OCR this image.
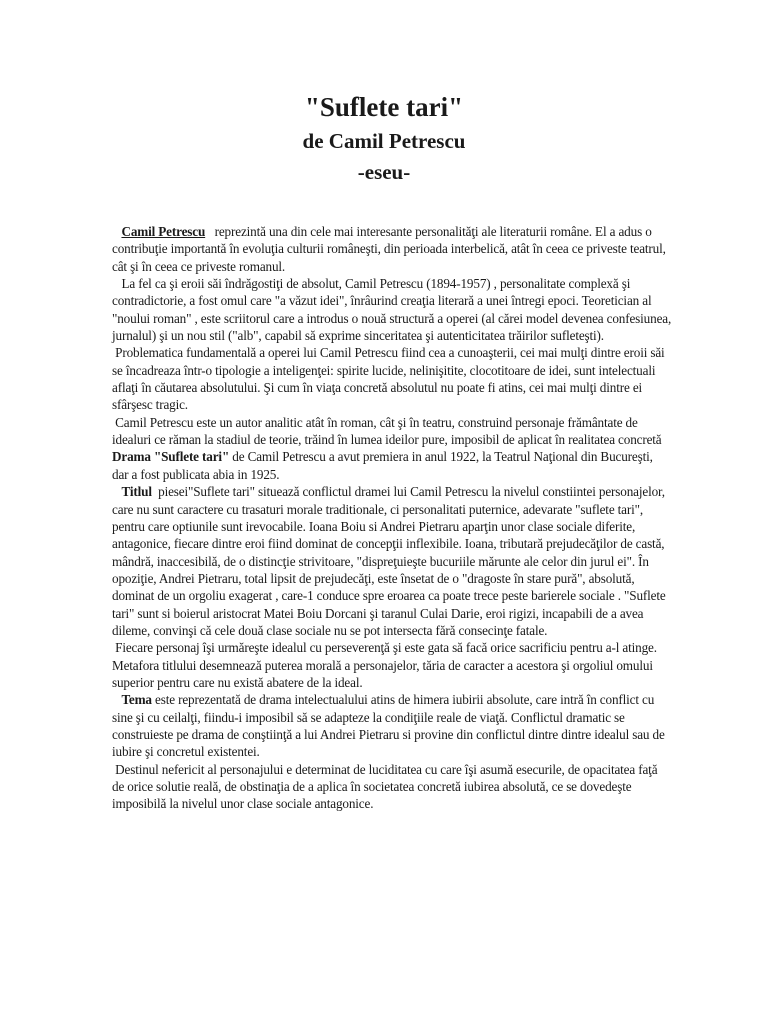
"Suflete tari"
de Camil Petrescu
-eseu-

Camil Petrescu   reprezintă una din cele mai interesante personalităţi ale literaturii române. El a adus o contribuţie importantă în evoluţia culturii româneşti, din perioada interbelică, atât în ceea ce priveste teatrul, cât şi în ceea ce priveste romanul.

La fel ca şi eroii săi îndrăgostiţi de absolut, Camil Petrescu (1894-1957) , personalitate complexă şi contradictorie, a fost omul care "a văzut idei", înrâurind creaţia literară a unei întregi epoci. Teoretician al "noului roman" , este scriitorul care a introdus o nouă structură a operei (al cărei model devenea confesiunea, jurnalul) şi un nou stil ("alb", capabil să exprime sinceritatea şi autenticitatea trăirilor sufleteşti).

Problematica fundamentală a operei lui Camil Petrescu fiind cea a cunoaşterii, cei mai mulţi dintre eroii săi se încadreaza într-o tipologie a inteligenţei: spirite lucide, nelinişitite, clocotitoare de idei, sunt intelectuali aflaţi în căutarea absolutului. Şi cum în viaţa concretă absolutul nu poate fi atins, cei mai mulţi dintre ei sfârşesc tragic.

Camil Petrescu este un autor analitic atât în roman, cât şi în teatru, construind personaje frământate de idealuri ce răman la stadiul de teorie, trăind în lumea ideilor pure, imposibil de aplicat în realitatea concretă

Drama "Suflete tari" de Camil Petrescu a avut premiera in anul 1922, la Teatrul Naţional din Bucureşti, dar a fost publicata abia in 1925.

Titlul  piesei"Suflete tari" situează conflictul dramei lui Camil Petrescu la nivelul constiintei personajelor, care nu sunt caractere cu trasaturi morale traditionale, ci personalitati puternice, adevarate "suflete tari", pentru care optiunile sunt irevocabile. Ioana Boiu si Andrei Pietraru aparţin unor clase sociale diferite, antagonice, fiecare dintre eroi fiind dominat de concepţii inflexibile. Ioana, tributară prejudecăţilor de castă, mândră, inaccesibilă, de o distincţie strivitoare, "dispreţuieşte bucuriile mărunte ale celor din jurul ei". În opoziţie, Andrei Pietraru, total lipsit de prejudecăţi, este însetat de o "dragoste în stare pură", absolută, dominat de un orgoliu exagerat , care-1 conduce spre eroarea ca poate trece peste barierele sociale . "Suflete tari" sunt si boierul aristocrat Matei Boiu Dorcani şi taranul Culai Darie, eroi rigizi, incapabili de a avea dileme, convinşi că cele două clase sociale nu se pot intersecta fără consecinţe fatale.

Fiecare personaj îşi urmăreşte idealul cu perseverenţă şi este gata să facă orice sacrificiu pentru a-l atinge. Metafora titlului desemnează puterea morală a personajelor, tăria de caracter a acestora şi orgoliul omului superior pentru care nu există abatere de la ideal.

Tema este reprezentată de drama intelectualului atins de himera iubirii absolute, care intră în conflict cu sine şi cu ceilalţi, fiindu-i imposibil să se adapteze la condiţiile reale de viaţă. Conflictul dramatic se construieste pe drama de conştiinţă a lui Andrei Pietraru si provine din conflictul dintre dintre idealul sau de iubire şi concretul existentei.

Destinul nefericit al personajului e determinat de luciditatea cu care îşi asumă esecurile, de opacitatea faţă de orice solutie reală, de obstinaţia de a aplica în societatea concretă iubirea absolută, ce se dovedeşte imposibilă la nivelul unor clase sociale antagonice.
